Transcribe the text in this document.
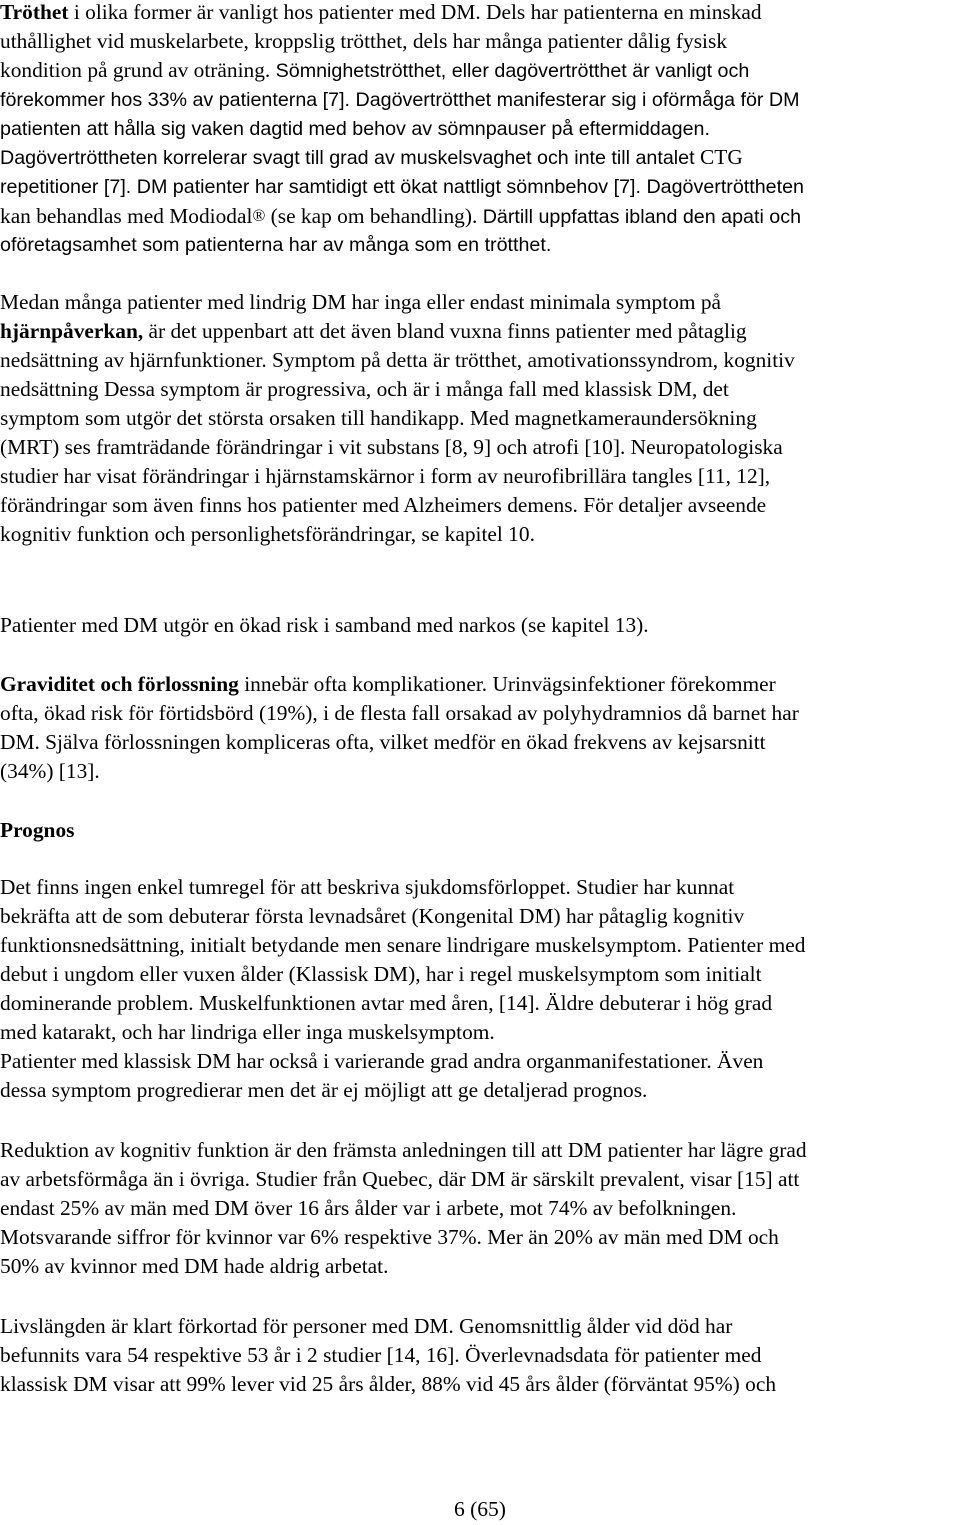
Tröthet i olika former är vanligt hos patienter med DM. Dels har patienterna en minskad
uthållighet vid muskelarbete, kroppslig trötthet, dels har många patienter dålig fysisk
kondition på grund av oträning. Sömnighetströtthet, eller dagövertrötthet är vanligt och
förekommer hos 33% av patienterna [7]. Dagövertrötthet manifesterar sig i oförmåga för DM
patienten att hålla sig vaken dagtid med behov av sömnpauser på eftermiddagen.
Dagövertröttheten korrelerar svagt till grad av muskelsvaghet och inte till antalet CTG
repetitioner [7]. DM patienter har samtidigt ett ökat nattligt sömnbehov [7]. Dagövertröttheten
kan behandlas med Modiodal® (se kap om behandling). Därtill uppfattas ibland den apati och
oföretagsamhet som patienterna har av många som en trötthet.
Medan många patienter med lindrig DM har inga eller endast minimala symptom på
hjärnpåverkan, är det uppenbart att det även bland vuxna finns patienter med påtaglig
nedsättning av hjärnfunktioner. Symptom på detta är trötthet, amotivationssyndrom, kognitiv
nedsättning Dessa symptom är progressiva, och är i många fall med klassisk DM, det
symptom som utgör det största orsaken till handikapp. Med magnetkameraundersökning
(MRT) ses framträdande förändringar i vit substans [8, 9] och atrofi [10]. Neuropatologiska
studier har visat förändringar i hjärnstamskärnor i form av neurofibrillära tangles [11, 12],
förändringar som även finns hos patienter med Alzheimers demens. För detaljer avseende
kognitiv funktion och personlighetsförändringar, se kapitel 10.
Patienter med DM utgör en ökad risk i samband med narkos (se kapitel 13).
Graviditet och förlossning innebär ofta komplikationer. Urinvägsinfektioner förekommer
ofta, ökad risk för förtidsbörd (19%), i de flesta fall orsakad av polyhydramnios då barnet har
DM. Själva förlossningen kompliceras ofta, vilket medför en ökad frekvens av kejsarsnitt
(34%) [13].
Prognos
Det finns ingen enkel tumregel för att beskriva sjukdomsförloppet. Studier har kunnat
bekräfta att de som debuterar första levnadsåret (Kongenital DM) har påtaglig kognitiv
funktionsnedsättning, initialt betydande men senare lindrigare muskelsymptom. Patienter med
debut i ungdom eller vuxen ålder (Klassisk DM), har i regel muskelsymptom som initialt
dominerande problem. Muskelfunktionen avtar med åren, [14]. Äldre debuterar i hög grad
med katarakt, och har lindriga eller inga muskelsymptom.
Patienter med klassisk DM har också i varierande grad andra organmanifestationer. Även
dessa symptom progredierar men det är ej möjligt att ge detaljerad prognos.
Reduktion av kognitiv funktion är den främsta anledningen till att DM patienter har lägre grad
av arbetsförmåga än i övriga. Studier från Quebec, där DM är särskilt prevalent, visar [15] att
endast 25% av män med DM över 16 års ålder var i arbete, mot 74% av befolkningen.
Motsvarande siffror för kvinnor var 6% respektive 37%. Mer än 20% av män med DM och
50% av kvinnor med DM hade aldrig arbetat.
Livslängden är klart förkortad för personer med DM. Genomsnittlig ålder vid död har
befunnits vara 54 respektive 53 år i 2 studier [14, 16]. Överlevnadsdata för patienter med
klassisk DM visar att 99% lever vid 25 års ålder, 88% vid 45 års ålder (förväntat 95%) och
6 (65)
